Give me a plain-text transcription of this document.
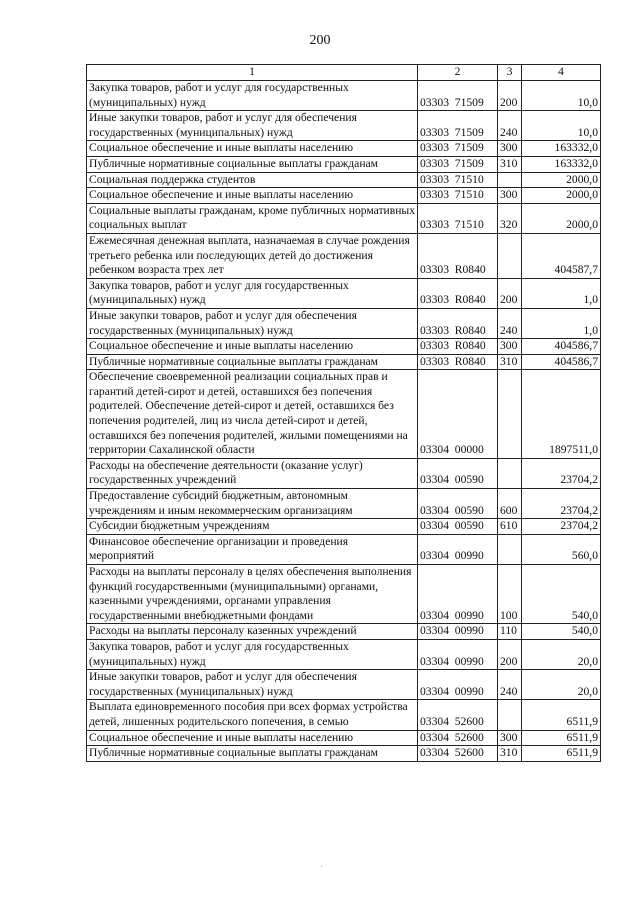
200
1	2	3	4
Закупка товаров, работ и услуг для государственных (муниципальных) нужд	03303  71509	200	10,0
Иные закупки товаров, работ и услуг для обеспечения государственных (муниципальных) нужд	03303  71509	240	10,0
Социальное обеспечение и иные выплаты населению	03303  71509	300	163332,0
Публичные нормативные социальные выплаты гражданам	03303  71509	310	163332,0
Социальная поддержка студентов	03303  71510		2000,0
Социальное обеспечение и иные выплаты населению	03303  71510	300	2000,0
Социальные выплаты гражданам, кроме публичных нормативных социальных выплат	03303  71510	320	2000,0
Ежемесячная денежная выплата, назначаемая в случае рождения третьего ребенка или последующих детей до достижения ребенком возраста трех лет	03303  R0840		404587,7
Закупка товаров, работ и услуг для государственных (муниципальных) нужд	03303  R0840	200	1,0
Иные закупки товаров, работ и услуг для обеспечения государственных (муниципальных) нужд	03303  R0840	240	1,0
Социальное обеспечение и иные выплаты населению	03303  R0840	300	404586,7
Публичные нормативные социальные выплаты гражданам	03303  R0840	310	404586,7
Обеспечение своевременной реализации социальных прав и гарантий детей-сирот и детей, оставшихся без попечения родителей. Обеспечение детей-сирот и детей, оставшихся без попечения родителей, лиц из числа детей-сирот и детей, оставшихся без попечения родителей, жилыми помещениями на территории Сахалинской области	03304  00000		1897511,0
Расходы на обеспечение деятельности (оказание услуг) государственных учреждений	03304  00590		23704,2
Предоставление субсидий бюджетным, автономным учреждениям и иным некоммерческим организациям	03304  00590	600	23704,2
Субсидии бюджетным учреждениям	03304  00590	610	23704,2
Финансовое обеспечение организации и проведения мероприятий	03304  00990		560,0
Расходы на выплаты персоналу в целях обеспечения выполнения функций государственными (муниципальными) органами, казенными учреждениями, органами управления государственными внебюджетными фондами	03304  00990	100	540,0
Расходы на выплаты персоналу казенных учреждений	03304  00990	110	540,0
Закупка товаров, работ и услуг для государственных (муниципальных) нужд	03304  00990	200	20,0
Иные закупки товаров, работ и услуг для обеспечения государственных (муниципальных) нужд	03304  00990	240	20,0
Выплата единовременного пособия при всех формах устройства детей, лишенных родительского попечения, в семью	03304  52600		6511,9
Социальное обеспечение и иные выплаты населению	03304  52600	300	6511,9
Публичные нормативные социальные выплаты гражданам	03304  52600	310	6511,9
·
